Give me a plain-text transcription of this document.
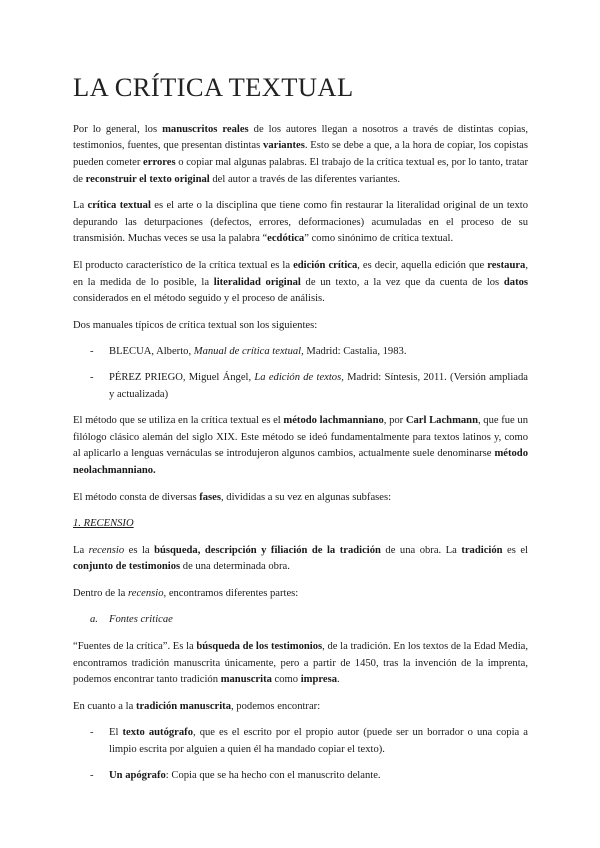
LA CRÍTICA TEXTUAL

Por lo general, los manuscritos reales de los autores llegan a nosotros a través de distintas copias, testimonios, fuentes, que presentan distintas variantes. Esto se debe a que, a la hora de copiar, los copistas pueden cometer errores o copiar mal algunas palabras. El trabajo de la crítica textual es, por lo tanto, tratar de reconstruir el texto original del autor a través de las diferentes variantes.

La crítica textual es el arte o la disciplina que tiene como fin restaurar la literalidad original de un texto depurando las deturpaciones (defectos, errores, deformaciones) acumuladas en el proceso de su transmisión. Muchas veces se usa la palabra “ecdótica” como sinónimo de crítica textual.

El producto característico de la crítica textual es la edición crítica, es decir, aquella edición que restaura, en la medida de lo posible, la literalidad original de un texto, a la vez que da cuenta de los datos considerados en el método seguido y el proceso de análisis.

Dos manuales típicos de crítica textual son los siguientes:

- BLECUA, Alberto, Manual de crítica textual, Madrid: Castalia, 1983.
- PÉREZ PRIEGO, Miguel Ángel, La edición de textos, Madrid: Síntesis, 2011. (Versión ampliada y actualizada)

El método que se utiliza en la crítica textual es el método lachmanniano, por Carl Lachmann, que fue un filólogo clásico alemán del siglo XIX. Este método se ideó fundamentalmente para textos latinos y, como al aplicarlo a lenguas vernáculas se introdujeron algunos cambios, actualmente suele denominarse método neolachmanniano.

El método consta de diversas fases, divididas a su vez en algunas subfases:

1. RECENSIO

La recensio es la búsqueda, descripción y filiación de la tradición de una obra. La tradición es el conjunto de testimonios de una determinada obra.

Dentro de la recensio, encontramos diferentes partes:

a. Fontes criticae

“Fuentes de la crítica”. Es la búsqueda de los testimonios, de la tradición. En los textos de la Edad Media, encontramos tradición manuscrita únicamente, pero a partir de 1450, tras la invención de la imprenta, podemos encontrar tanto tradición manuscrita como impresa.

En cuanto a la tradición manuscrita, podemos encontrar:

- El texto autógrafo, que es el escrito por el propio autor (puede ser un borrador o una copia a limpio escrita por alguien a quien él ha mandado copiar el texto).
- Un apógrafo: Copia que se ha hecho con el manuscrito delante.
